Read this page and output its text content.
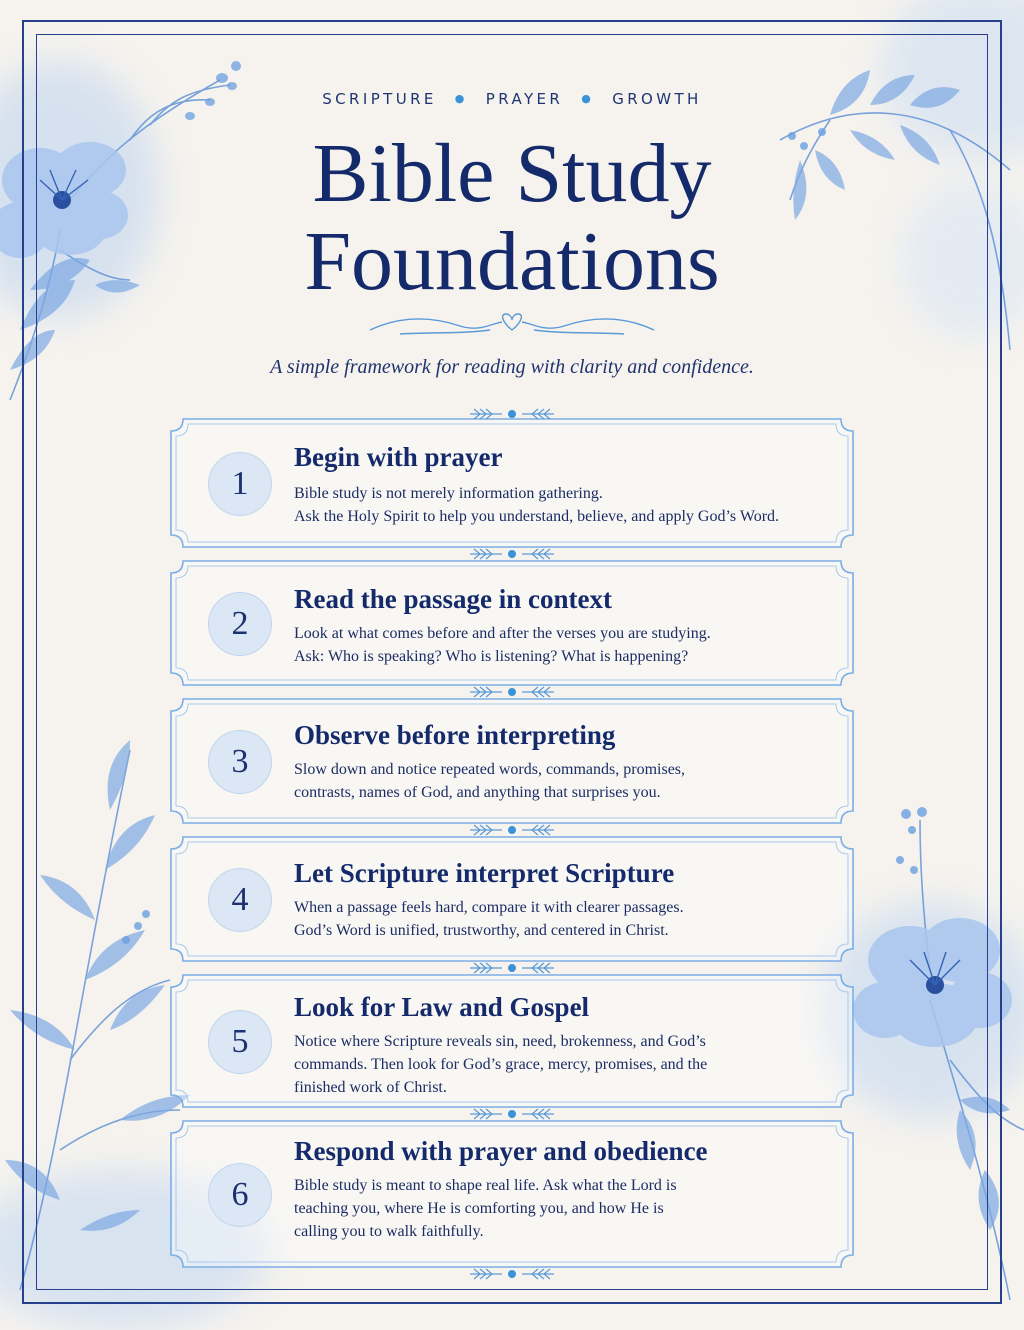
SCRIPTURE ● PRAYER ● GROWTH
Bible Study
Foundations
A simple framework for reading with clarity and confidence.
1
Begin with prayer
Bible study is not merely information gathering.
Ask the Holy Spirit to help you understand, believe, and apply God’s Word.
2
Read the passage in context
Look at what comes before and after the verses you are studying.
Ask: Who is speaking? Who is listening? What is happening?
3
Observe before interpreting
Slow down and notice repeated words, commands, promises,
contrasts, names of God, and anything that surprises you.
4
Let Scripture interpret Scripture
When a passage feels hard, compare it with clearer passages.
God’s Word is unified, trustworthy, and centered in Christ.
5
Look for Law and Gospel
Notice where Scripture reveals sin, need, brokenness, and God’s
commands. Then look for God’s grace, mercy, promises, and the
finished work of Christ.
6
Respond with prayer and obedience
Bible study is meant to shape real life. Ask what the Lord is
teaching you, where He is comforting you, and how He is
calling you to walk faithfully.
